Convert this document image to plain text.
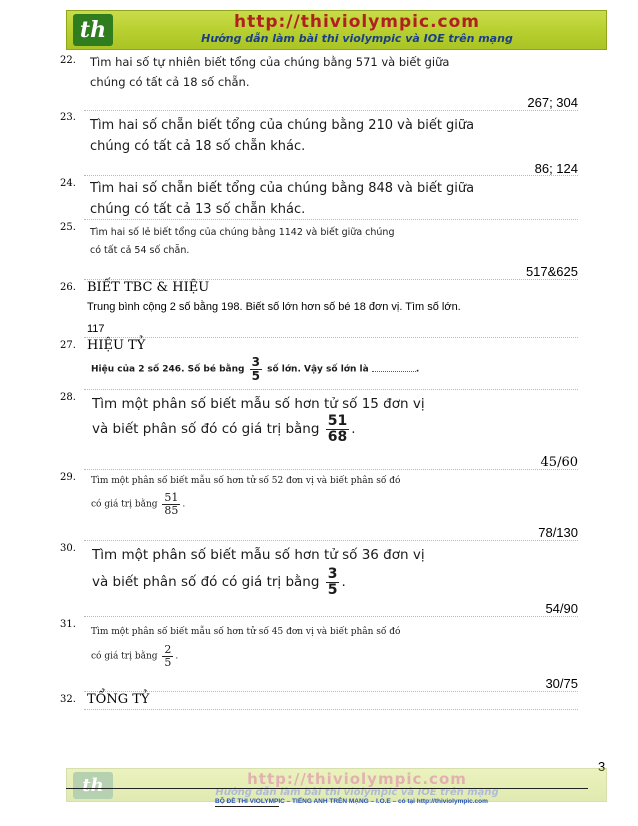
th	http://thiviolympic.com
Hướng dẫn làm bài thi violympic và IOE trên mạng
22. Tìm hai số tự nhiên biết tổng của chúng bằng 571 và biết giữa
chúng có tất cả 18 số chẵn.
267; 304
23.
Tìm hai số chẵn biết tổng của chúng bằng 210 và biết giữa
chúng có tất cả 18 số chẵn khác.
86; 124
24. Tìm hai số chẵn biết tổng của chúng bằng 848 và biết giữa
chúng có tất cả 13 số chẵn khác.
25. Tìm hai số lẻ biết tổng của chúng bằng 1142 và biết giữa chúng
có tất cả 54 số chẵn.
517&625
26. BIẾT TBC & HIỆU
Trung bình cộng 2 số bằng 198. Biết số lớn hơn số bé 18 đơn vị. Tìm số lớn.
117
27. HIỆU TỶ
Hiệu của 2 số 246. Số bé bằng $\frac{3}{5}$ số lớn. Vậy số lớn là	.
28. Tìm một phân số biết mẫu số hơn tử số 15 đơn vị
và biết phân số đó có giá trị bằng $\frac{51}{68}$ .
45/60
29. Tìm một phân số biết mẫu số hơn tử số 52 đơn vị và biết phân số đó
có giá trị bằng $\frac{51}{85}$ .
78/130
30. Tìm một phân số biết mẫu số hơn tử số 36 đơn vị
và biết phân số đó có giá trị bằng $\frac{3}{5}$ .
54/90
31.
Tìm một phân số biết mẫu số hơn tử số 45 đơn vị và biết phân số đó
có giá trị bằng $\frac{2}{5}$ .
30/75
32. TỔNG TỶ
3
th	http://thiviolympic.com
Hướng dẫn làm bài thi violympic và IOE trên mạng
BỘ ĐỀ THI VIOLYMPIC – TIẾNG ANH TRÊN MẠNG – I.O.E – có tại http://thiviolympic.com
